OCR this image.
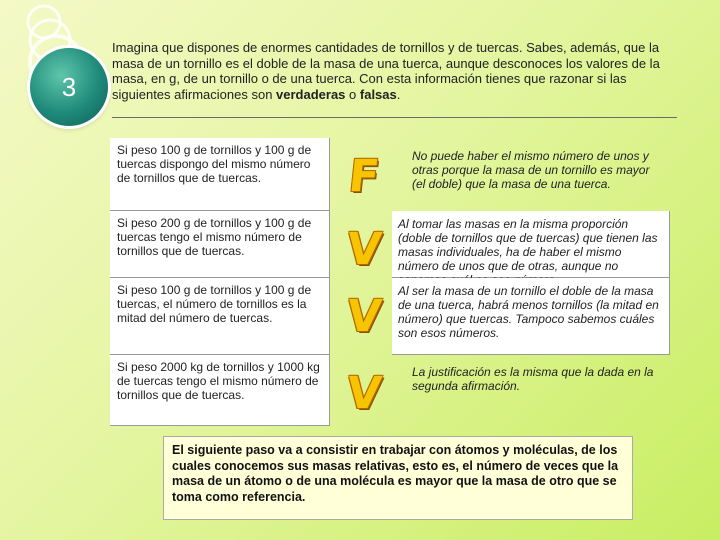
3
Imagina que dispones de enormes cantidades de tornillos y de tuercas. Sabes, además, que la masa de un tornillo es el doble de la masa de una tuerca, aunque desconoces los valores de la masa, en g, de un tornillo o de una tuerca. Con esta información tienes que razonar si las siguientes afirmaciones son verdaderas o falsas.
Si peso 100 g de tornillos y 100 g de tuercas dispongo del mismo número de tornillos que de tuercas.	F	No puede haber el mismo número de unos y otras porque la masa de un tornillo es mayor (el doble) que la masa de una tuerca.
Si peso 200 g de tornillos y 100 g de tuercas tengo el mismo número de tornillos que de tuercas.	V	Al tomar las masas en la misma proporción (doble de tornillos que de tuercas) que tienen las masas individuales, ha de haber el mismo número de unos que de otras, aunque no
Si peso 100 g de tornillos y 100 g de tuercas, el número de tornillos es la mitad del número de tuercas.	V	Al ser la masa de un tornillo el doble de la masa de una tuerca, habrá menos tornillos (la mitad en número) que tuercas. Tampoco sabemos cuáles son esos números.
Si peso 2000 kg de tornillos y 1000 kg de tuercas tengo el mismo número de tornillos que de tuercas.	V	La justificación es la misma que la dada en la segunda afirmación.
El siguiente paso va a consistir en trabajar con átomos y moléculas, de los cuales conocemos sus masas relativas, esto es, el número de veces que la masa de un átomo o de una molécula es mayor que la masa de otro que se toma como referencia.
